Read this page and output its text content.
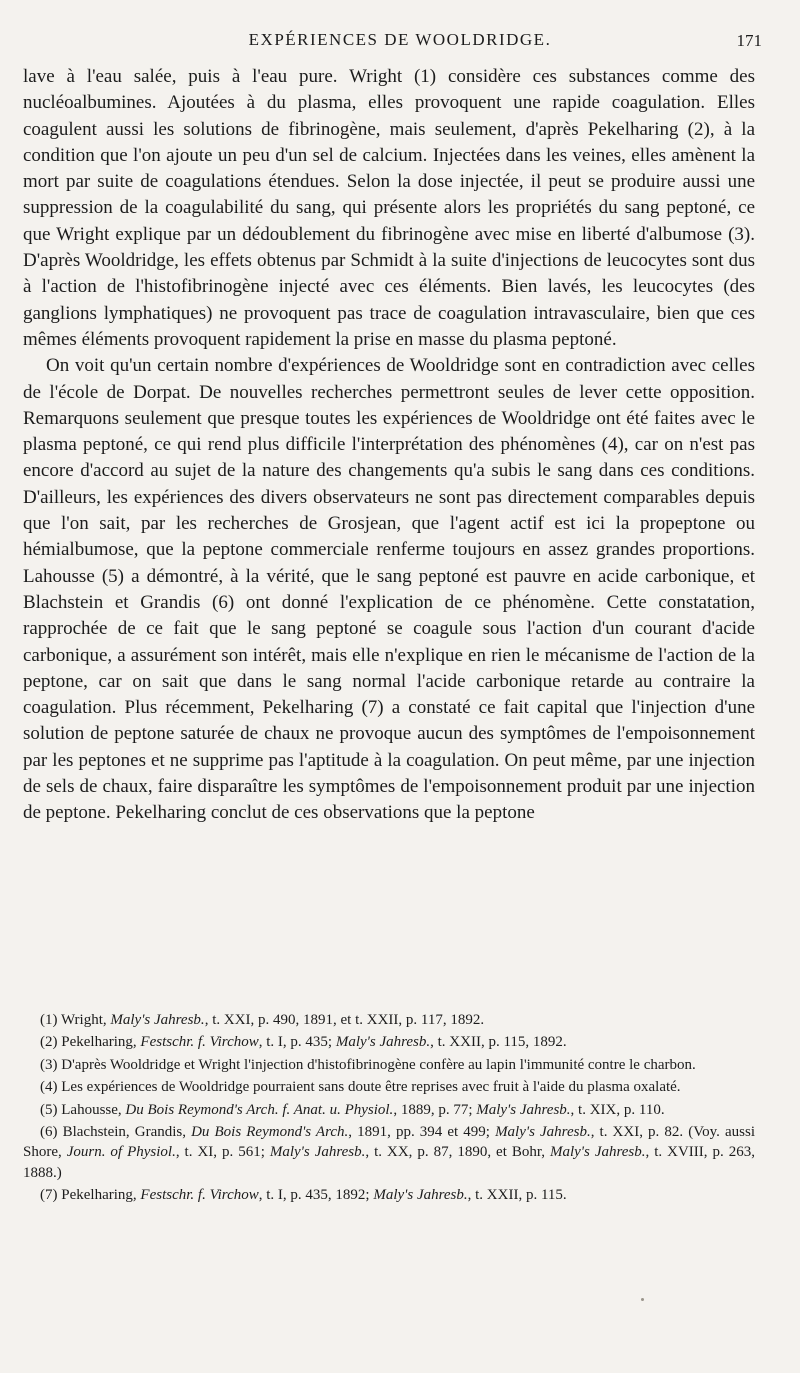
EXPÉRIENCES DE WOOLDRIDGE.	171

lave à l'eau salée, puis à l'eau pure. Wright (1) considère ces substances comme des nucléoalbumines. Ajoutées à du plasma, elles provoquent une rapide coagulation. Elles coagulent aussi les solutions de fibrinogène, mais seulement, d'après Pekelharing (2), à la condition que l'on ajoute un peu d'un sel de calcium. Injectées dans les veines, elles amènent la mort par suite de coagulations étendues. Selon la dose injectée, il peut se produire aussi une suppression de la coagulabilité du sang, qui présente alors les propriétés du sang peptoné, ce que Wright explique par un dédoublement du fibrinogène avec mise en liberté d'albumose (3). D'après Wooldridge, les effets obtenus par Schmidt à la suite d'injections de leucocytes sont dus à l'action de l'histofibrinogène injecté avec ces éléments. Bien lavés, les leucocytes (des ganglions lymphatiques) ne provoquent pas trace de coagulation intravasculaire, bien que ces mêmes éléments provoquent rapidement la prise en masse du plasma peptoné.

On voit qu'un certain nombre d'expériences de Wooldridge sont en contradiction avec celles de l'école de Dorpat. De nouvelles recherches permettront seules de lever cette opposition. Remarquons seulement que presque toutes les expériences de Wooldridge ont été faites avec le plasma peptoné, ce qui rend plus difficile l'interprétation des phénomènes (4), car on n'est pas encore d'accord au sujet de la nature des changements qu'a subis le sang dans ces conditions. D'ailleurs, les expériences des divers observateurs ne sont pas directement comparables depuis que l'on sait, par les recherches de Grosjean, que l'agent actif est ici la propeptone ou hémialbumose, que la peptone commerciale renferme toujours en assez grandes proportions. Lahousse (5) a démontré, à la vérité, que le sang peptoné est pauvre en acide carbonique, et Blachstein et Grandis (6) ont donné l'explication de ce phénomène. Cette constatation, rapprochée de ce fait que le sang peptoné se coagule sous l'action d'un courant d'acide carbonique, a assurément son intérêt, mais elle n'explique en rien le mécanisme de l'action de la peptone, car on sait que dans le sang normal l'acide carbonique retarde au contraire la coagulation. Plus récemment, Pekelharing (7) a constaté ce fait capital que l'injection d'une solution de peptone saturée de chaux ne provoque aucun des symptômes de l'empoisonnement par les peptones et ne supprime pas l'aptitude à la coagulation. On peut même, par une injection de sels de chaux, faire disparaître les symptômes de l'empoisonnement produit par une injection de peptone. Pekelharing conclut de ces observations que la peptone

(1) Wright, Maly's Jahresb., t. XXI, p. 490, 1891, et t. XXII, p. 117, 1892.

(2) Pekelharing, Festschr. f. Virchow, t. I, p. 435; Maly's Jahresb., t. XXII, p. 115, 1892.

(3) D'après Wooldridge et Wright l'injection d'histofibrinogène confère au lapin l'immunité contre le charbon.

(4) Les expériences de Wooldridge pourraient sans doute être reprises avec fruit à l'aide du plasma oxalaté.

(5) Lahousse, Du Bois Reymond's Arch. f. Anat. u. Physiol., 1889, p. 77; Maly's Jahresb., t. XIX, p. 110.

(6) Blachstein, Grandis, Du Bois Reymond's Arch., 1891, pp. 394 et 499; Maly's Jahresb., t. XXI, p. 82. (Voy. aussi Shore, Journ. of Physiol., t. XI, p. 561; Maly's Jahresb., t. XX, p. 87, 1890, et Bohr, Maly's Jahresb., t. XVIII, p. 263, 1888.)

(7) Pekelharing, Festschr. f. Virchow, t. I, p. 435, 1892; Maly's Jahresb., t. XXII, p. 115.
